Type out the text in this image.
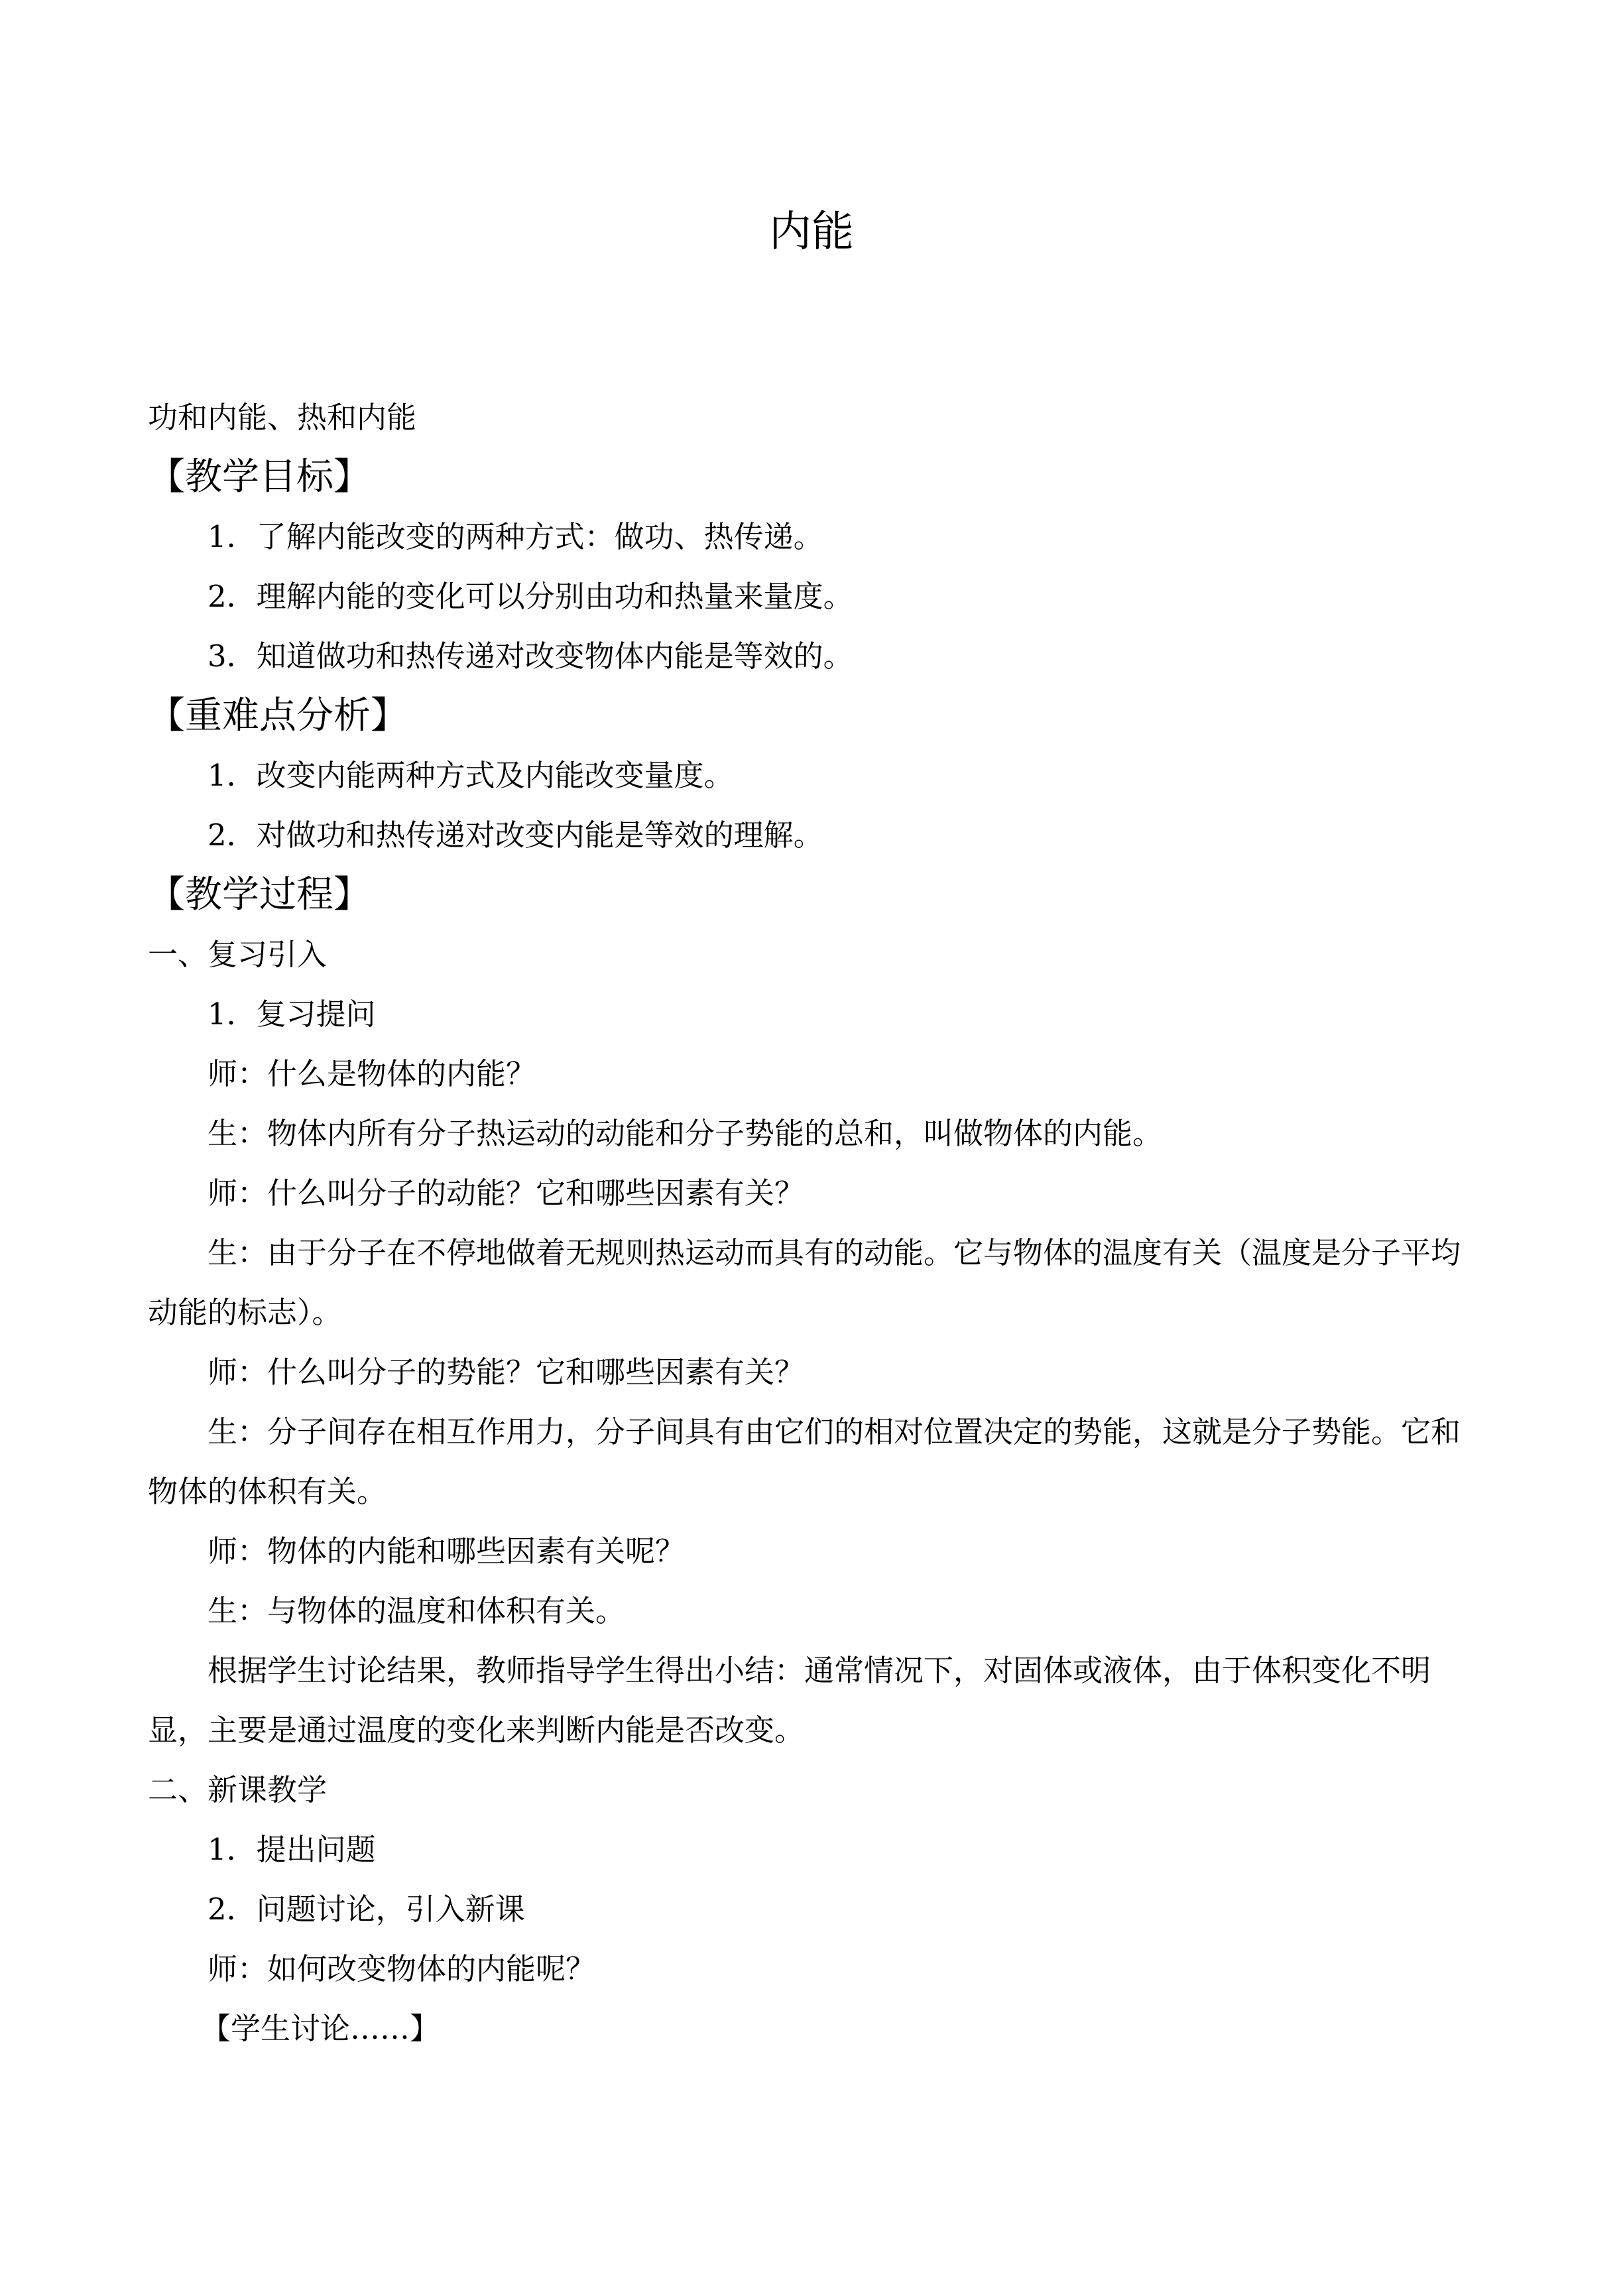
内能

功和内能、热和内能

【教学目标】

1．了解内能改变的两种方式：做功、热传递。

2．理解内能的变化可以分别由功和热量来量度。

3．知道做功和热传递对改变物体内能是等效的。

【重难点分析】

1．改变内能两种方式及内能改变量度。

2．对做功和热传递对改变内能是等效的理解。

【教学过程】

一、复习引入

1．复习提问

师：什么是物体的内能？

生：物体内所有分子热运动的动能和分子势能的总和，叫做物体的内能。

师：什么叫分子的动能？它和哪些因素有关？

生：由于分子在不停地做着无规则热运动而具有的动能。它与物体的温度有关（温度是分子平均动能的标志）。

师：什么叫分子的势能？它和哪些因素有关？

生：分子间存在相互作用力，分子间具有由它们的相对位置决定的势能，这就是分子势能。它和物体的体积有关。

师：物体的内能和哪些因素有关呢？

生：与物体的温度和体积有关。

根据学生讨论结果，教师指导学生得出小结：通常情况下，对固体或液体，由于体积变化不明显，主要是通过温度的变化来判断内能是否改变。

二、新课教学

1．提出问题

2．问题讨论，引入新课

师：如何改变物体的内能呢？

【学生讨论……】
